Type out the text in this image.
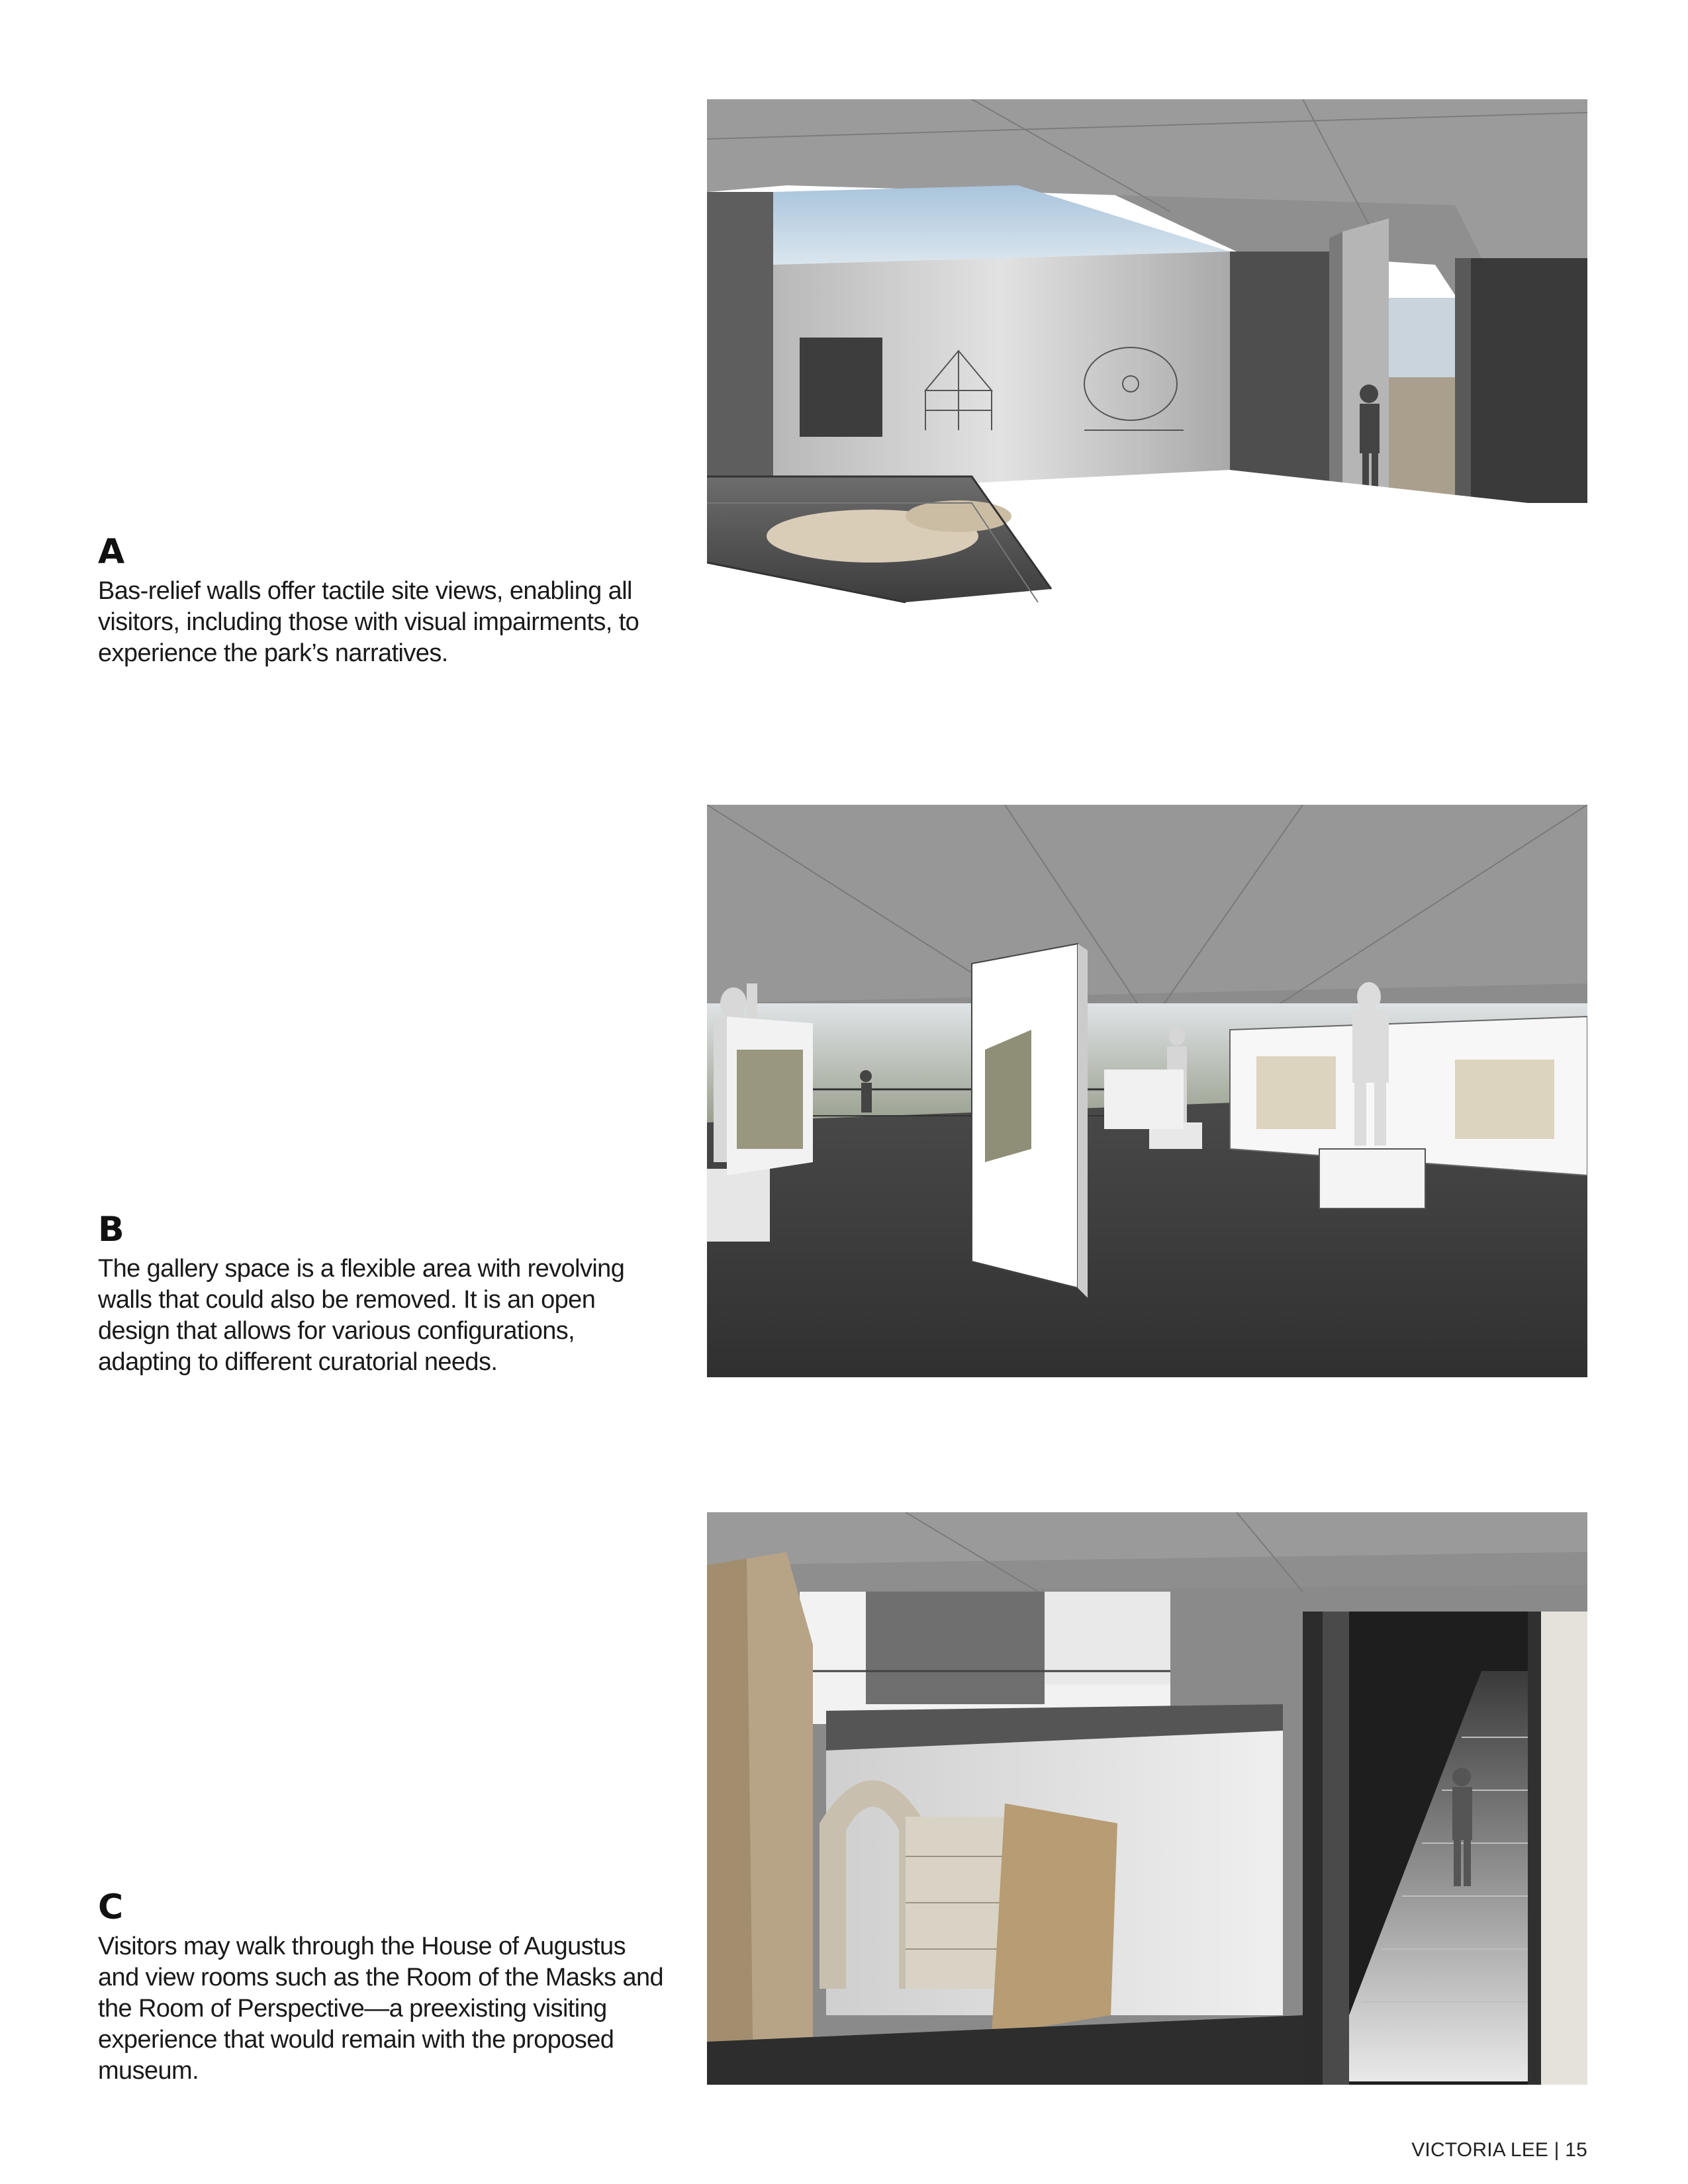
A

Bas-relief walls offer tactile site views, enabling all visitors, including those with visual impairments, to experience the park’s narratives.

B

The gallery space is a flexible area with revolving walls that could also be removed. It is an open design that allows for various configurations, adapting to different curatorial needs.

C

Visitors may walk through the House of Augustus and view rooms such as the Room of the Masks and the Room of Perspective—a preexisting visiting experience that would remain with the proposed museum.

VICTORIA LEE | 15
